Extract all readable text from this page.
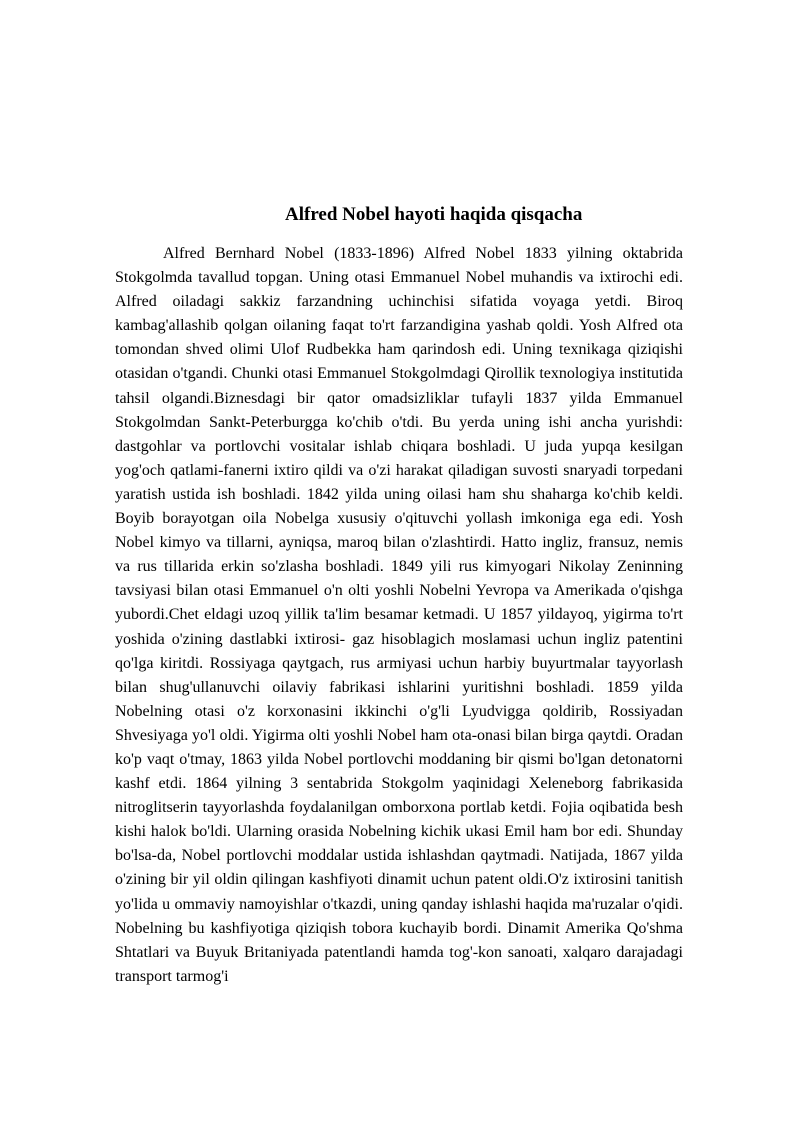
Alfred Nobel hayoti haqida qisqacha

Alfred Bernhard Nobel (1833-1896) Alfred Nobel 1833 yilning oktabrida Stokgolmda tavallud topgan. Uning otasi Emmanuel Nobel muhandis va ixtirochi edi. Alfred oiladagi sakkiz farzandning uchinchisi sifatida voyaga yetdi. Biroq kambag'allashib qolgan oilaning faqat to'rt farzandigina yashab qoldi. Yosh Alfred ota tomondan shved olimi Ulof Rudbekka ham qarindosh edi. Uning texnikaga qiziqishi otasidan o'tgandi. Chunki otasi Emmanuel Stokgolmdagi Qirollik texnologiya institutida tahsil olgandi.Biznesdagi bir qator omadsizliklar tufayli 1837 yilda Emmanuel Stokgolmdan Sankt-Peterburgga ko'chib o'tdi. Bu yerda uning ishi ancha yurishdi: dastgohlar va portlovchi vositalar ishlab chiqara boshladi. U juda yupqa kesilgan yog'och qatlami-fanerni ixtiro qildi va o'zi harakat qiladigan suvosti snaryadi torpedani yaratish ustida ish boshladi. 1842 yilda uning oilasi ham shu shaharga ko'chib keldi. Boyib borayotgan oila Nobelga xususiy o'qituvchi yollash imkoniga ega edi. Yosh Nobel kimyo va tillarni, ayniqsa, maroq bilan o'zlashtirdi. Hatto ingliz, fransuz, nemis va rus tillarida erkin so'zlasha boshladi. 1849 yili rus kimyogari Nikolay Zeninning tavsiyasi bilan otasi Emmanuel o'n olti yoshli Nobelni Yevropa va Amerikada o'qishga yubordi.Chet eldagi uzoq yillik ta'lim besamar ketmadi. U 1857 yildayoq, yigirma to'rt yoshida o'zining dastlabki ixtirosi- gaz hisoblagich moslamasi uchun ingliz patentini qo'lga kiritdi. Rossiyaga qaytgach, rus armiyasi uchun harbiy buyurtmalar tayyorlash bilan shug'ullanuvchi oilaviy fabrikasi ishlarini yuritishni boshladi. 1859 yilda Nobelning otasi o'z korxonasini ikkinchi o'g'li Lyudvigga qoldirib, Rossiyadan Shvesiyaga yo'l oldi. Yigirma olti yoshli Nobel ham ota-onasi bilan birga qaytdi. Oradan ko'p vaqt o'tmay, 1863 yilda Nobel portlovchi moddaning bir qismi bo'lgan detonatorni kashf etdi. 1864 yilning 3 sentabrida Stokgolm yaqinidagi Xeleneborg fabrikasida nitroglitserin tayyorlashda foydalanilgan omborxona portlab ketdi. Fojia oqibatida besh kishi halok bo'ldi. Ularning orasida Nobelning kichik ukasi Emil ham bor edi. Shunday bo'lsa-da, Nobel portlovchi moddalar ustida ishlashdan qaytmadi. Natijada, 1867 yilda o'zining bir yil oldin qilingan kashfiyoti dinamit uchun patent oldi.O'z ixtirosini tanitish yo'lida u ommaviy namoyishlar o'tkazdi, uning qanday ishlashi haqida ma'ruzalar o'qidi. Nobelning bu kashfiyotiga qiziqish tobora kuchayib bordi. Dinamit Amerika Qo'shma Shtatlari va Buyuk Britaniyada patentlandi hamda tog'-kon sanoati, xalqaro darajadagi transport tarmog'i
